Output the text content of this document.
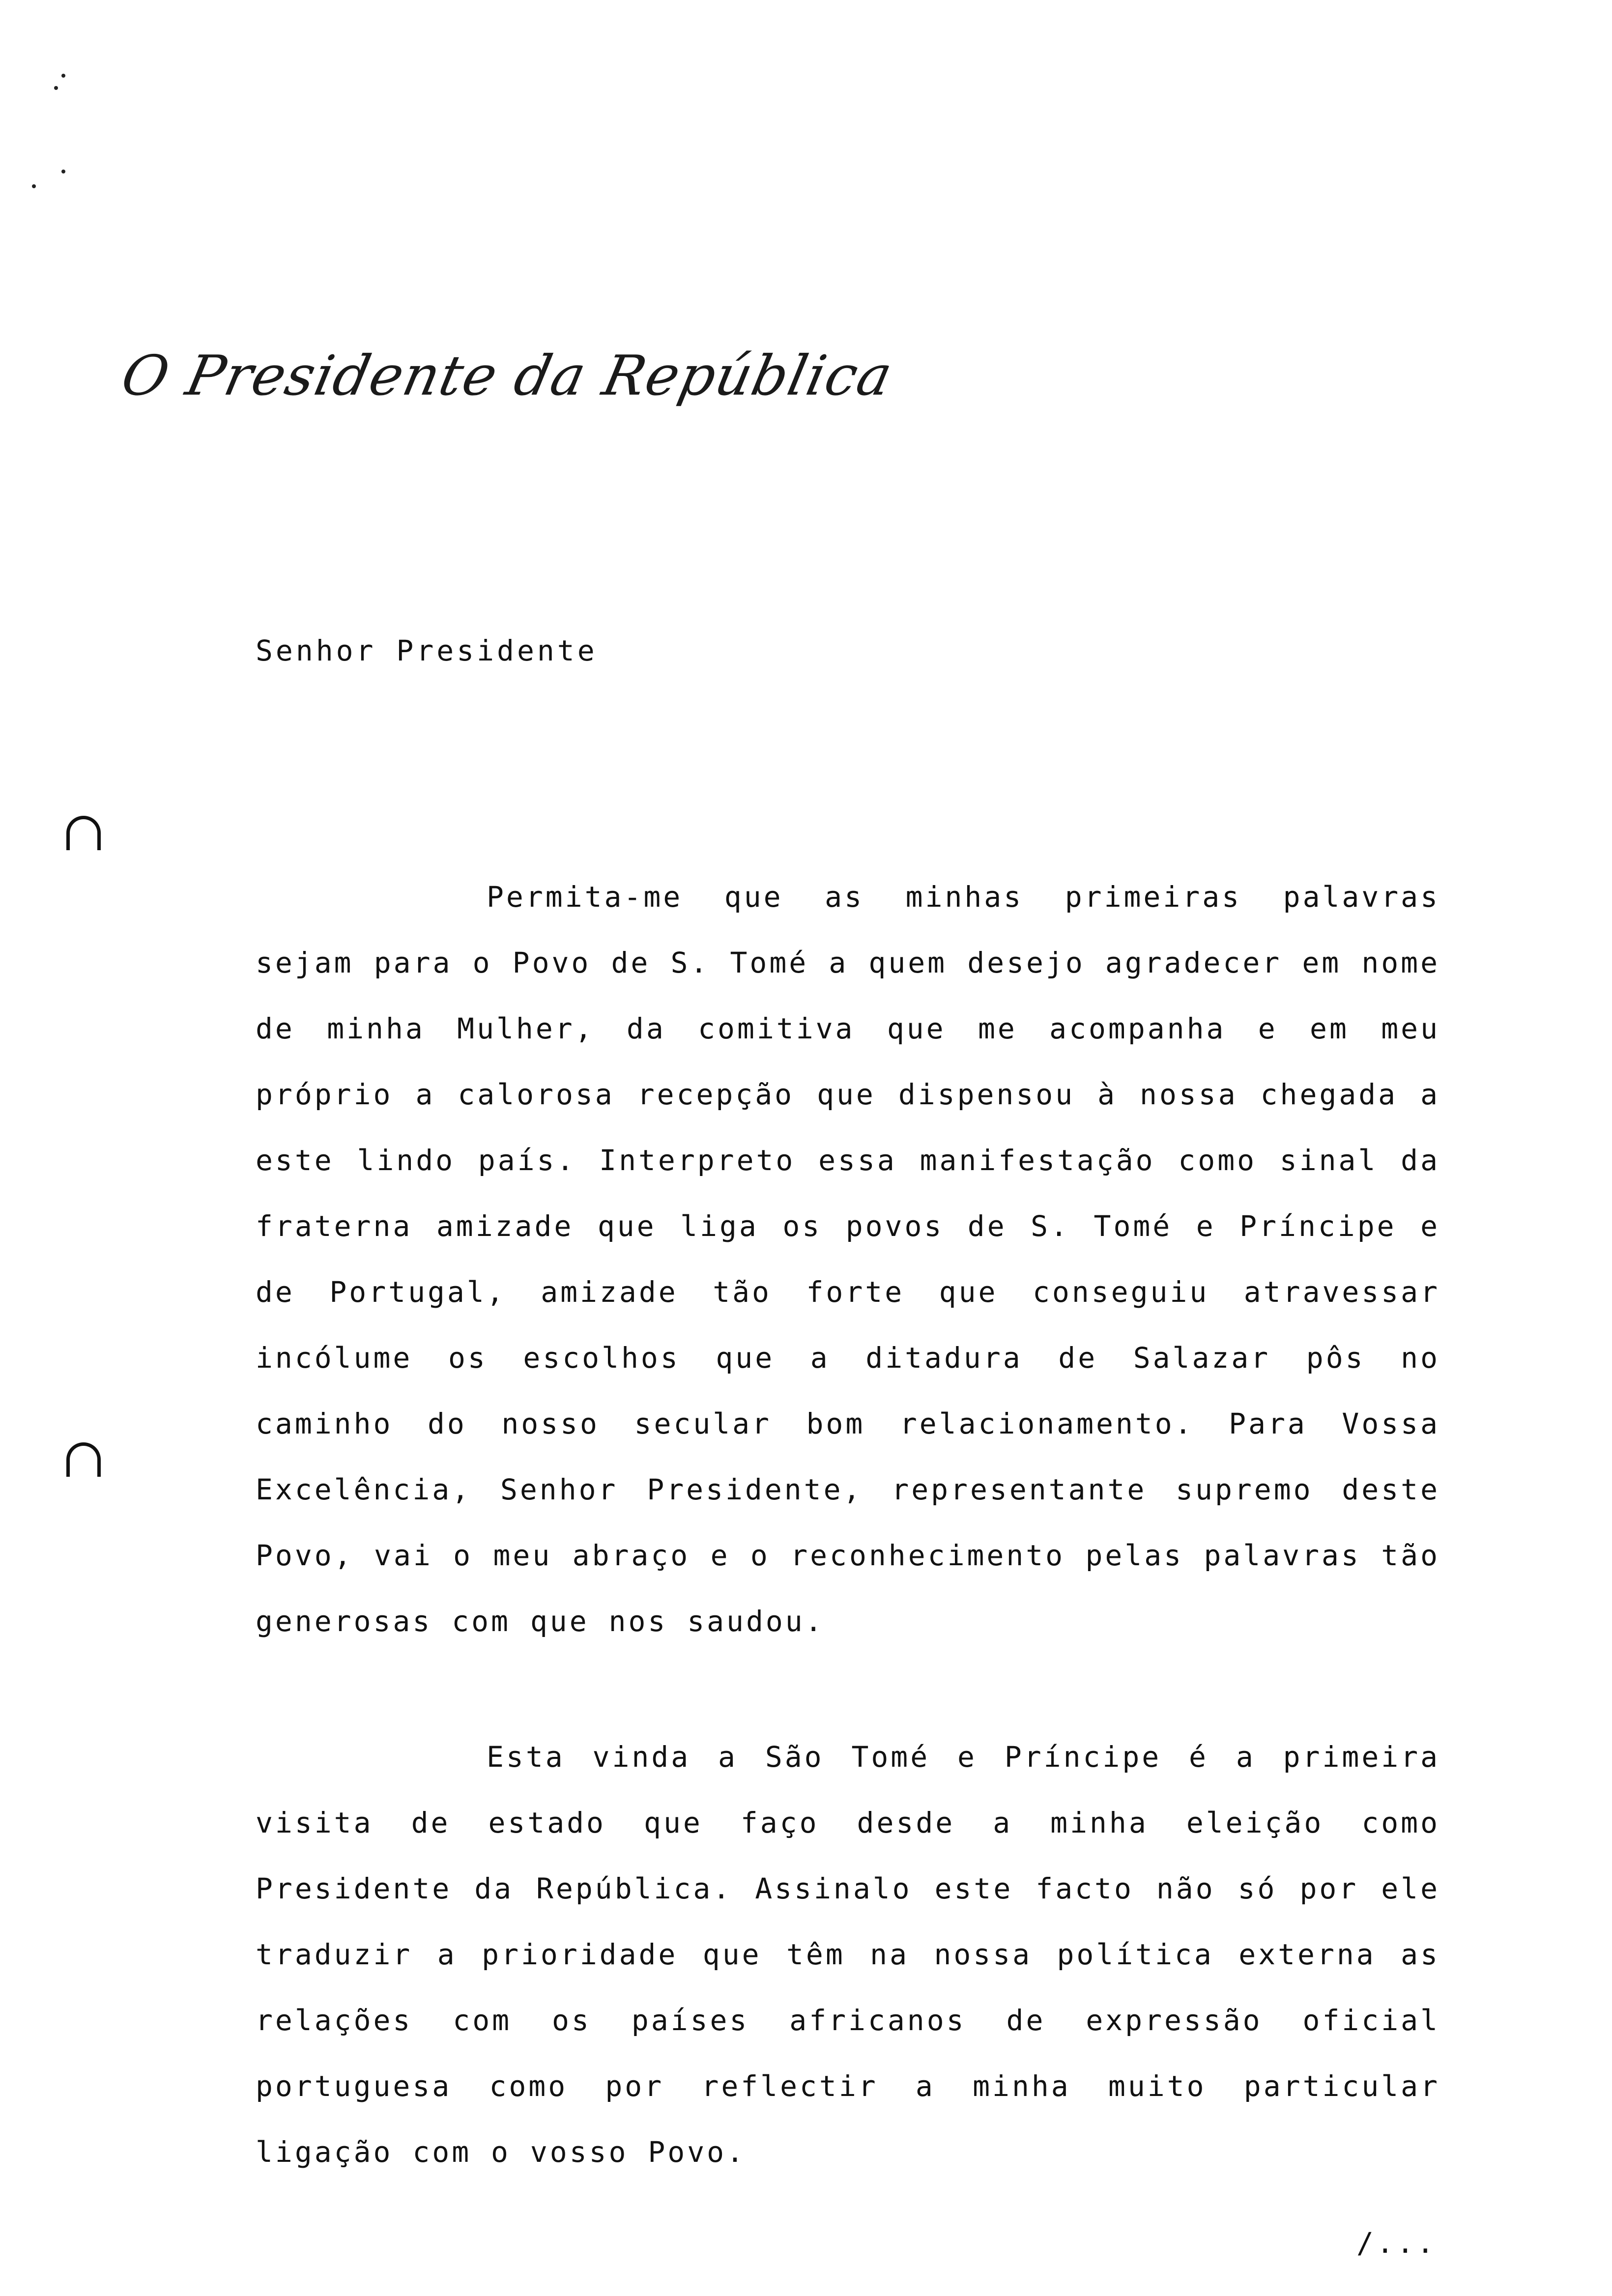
O Presidente da República
Senhor Presidente

Permita-me que as minhas primeiras palavras sejam para o Povo de S. Tomé a quem desejo agradecer em nome de minha Mulher, da comitiva que me acompanha e em meu próprio a calorosa recepção que dispensou à nossa chegada a este lindo país. Interpreto essa manifestação como sinal da fraterna amizade que liga os povos de S. Tomé e Príncipe e de Portugal, amizade tão forte que conseguiu atravessar incólume os escolhos que a ditadura de Salazar pôs no caminho do nosso secular bom relacionamento. Para Vossa Excelência, Senhor Presidente, representante supremo deste Povo, vai o meu abraço e o reconhecimento pelas palavras tão generosas com que nos saudou.

Esta vinda a São Tomé e Príncipe é a primeira visita de estado que faço desde a minha eleição como Presidente da República. Assinalo este facto não só por ele traduzir a prioridade que têm na nossa política externa as relações com os países africanos de expressão oficial portuguesa como por reflectir a minha muito particular ligação com o vosso Povo.

/...
